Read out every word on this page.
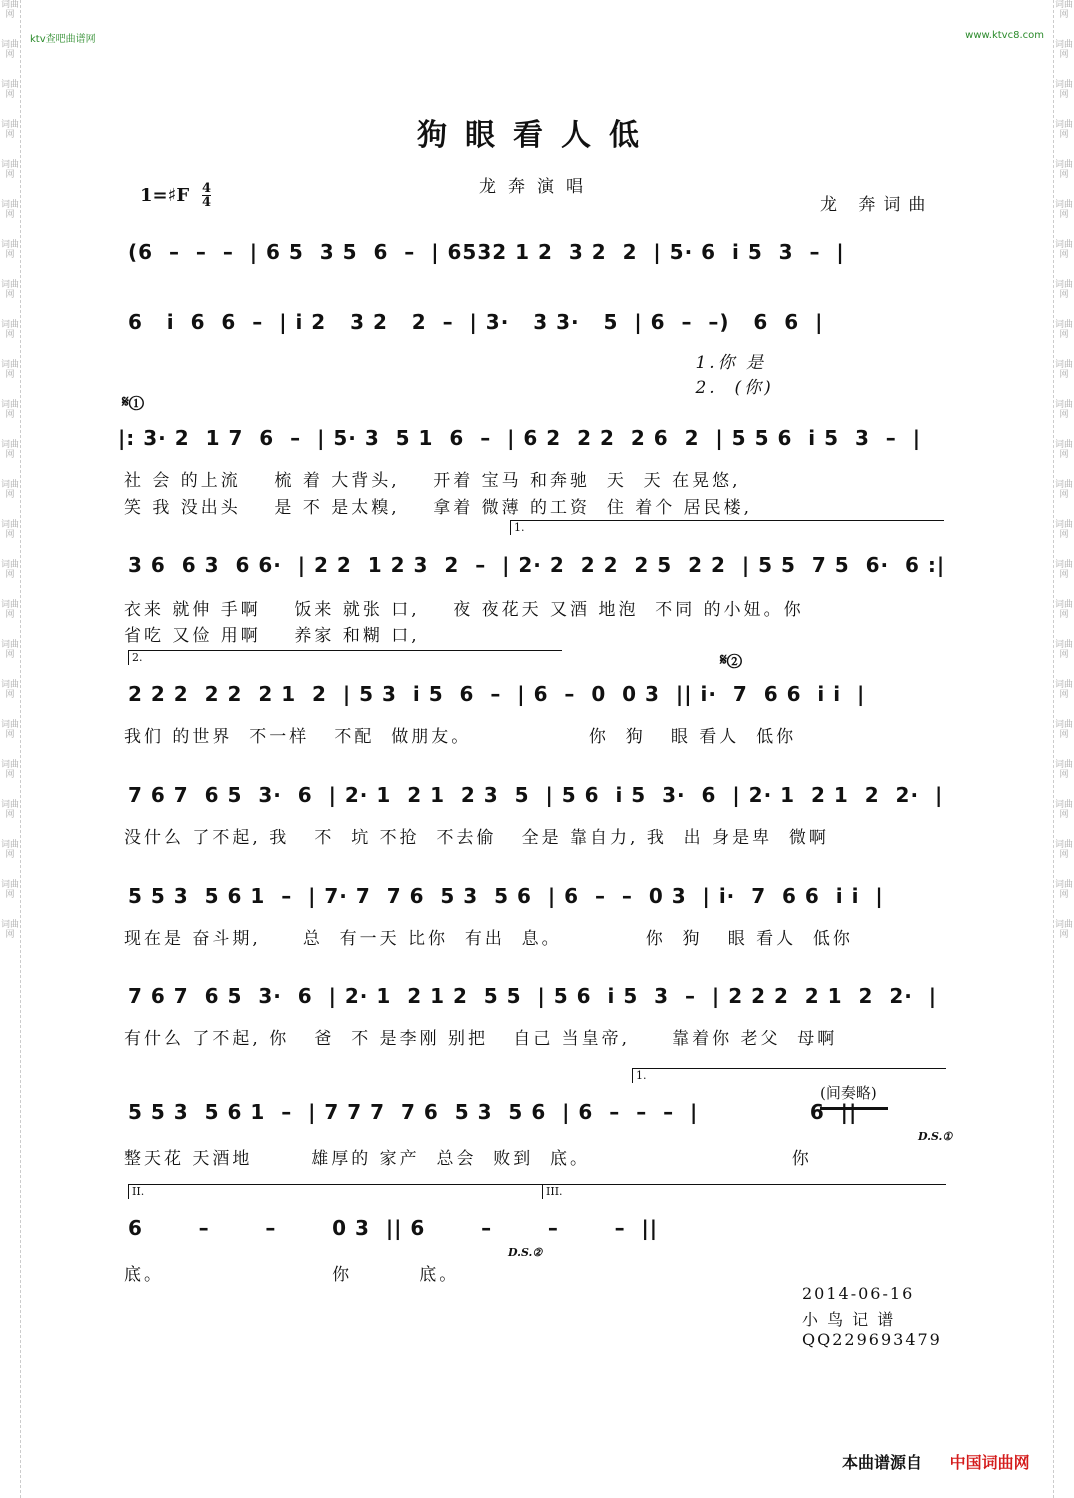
词曲网
词曲网
词曲网
词曲网
词曲网
词曲网
词曲网
词曲网
词曲网
词曲网
词曲网
词曲网
词曲网
词曲网
词曲网
词曲网
词曲网
词曲网
词曲网
词曲网
词曲网
词曲网
词曲网
词曲网
词曲网
词曲网
词曲网
词曲网
词曲网
词曲网
词曲网
词曲网
词曲网
词曲网
词曲网
词曲网
词曲网
词曲网
词曲网
词曲网
词曲网
词曲网
词曲网
词曲网
词曲网
词曲网
词曲网
词曲网
ktv查吧曲谱网	www.ktvc8.com
狗眼看人低
龙奔演唱
1=♯F 4
4	龙 奔词曲
(6  –  –  –  | 6 5  3 5  6  –  | 6532 1 2  3 2  2  | 5· 6  i 5  3  –  |
6   i  6  6  –  | i 2   3 2   2  –  | 3·   3 3·   5  | 6  –  –)   6  6  |
1.你 是
2.  (你)
𝄋①
|: 3· 2  1 7  6  –  | 5· 3  5 1  6  –  | 6 2  2 2  2 6  2  | 5 5 6  i 5  3  –  |
社 会 的上流    梳 着 大背头,    开着 宝马 和奔驰  天  天 在晃悠,
笑 我 没出头    是 不 是太糗,    拿着 微薄 的工资  住 着个 居民楼,
1.
3 6  6 3  6 6·  | 2 2  1 2 3  2  –  | 2· 2  2 2  2 5  2 2  | 5 5  7 5  6·  6 :|
衣来 就伸 手啊    饭来 就张 口,    夜 夜花天 又酒 地泡  不同 的小妞。你
省吃 又俭 用啊    养家 和糊 口,
2.	𝄋②
2 2 2  2 2  2 1  2  | 5 3  i 5  6  –  | 6  –  0  0 3  || i·  7  6 6  i i  |
我们 的世界  不一样   不配  做朋友。              你  狗   眼 看人  低你
7 6 7  6 5  3·  6  | 2· 1  2 1  2 3  5  | 5 6  i 5  3·  6  | 2· 1  2 1  2  2·  |
没什么 了不起, 我   不  坑 不抢  不去偷   全是 靠自力, 我  出 身是卑  微啊
5 5 3  5 6 1  –  | 7· 7  7 6  5 3  5 6  | 6  –  –  0 3  | i·  7  6 6  i i  |
现在是 奋斗期,     总  有一天 比你  有出  息。          你  狗   眼 看人  低你
7 6 7  6 5  3·  6  | 2· 1  2 1 2  5 5  | 5 6  i 5  3  –  | 2 2 2  2 1  2  2·  |
有什么 了不起, 你   爸  不 是李刚 别把   自己 当皇帝,     靠着你 老父  母啊
1.
(间奏略)
5 5 3  5 6 1  –  | 7 7 7  7 6  5 3  5 6  | 6  –  –  –  |              6  ||
D.S.①
整天花 天酒地       雄厚的 家产  总会  败到  底。                        你
II.	III.
6       –       –       0 3  || 6       –       –       –  ||
D.S.②
底。                    你        底。
2014-06-16
小 鸟 记 谱
QQ229693479
本曲谱源自 中国词曲网
